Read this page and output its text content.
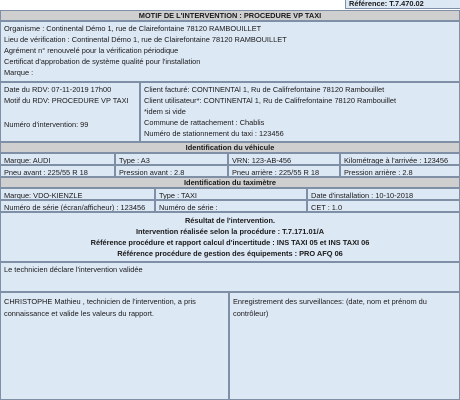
Référence: T.7.470.02
MOTIF DE L'INTERVENTION : PROCEDURE VP TAXI
Organisme : Continental Démo 1, rue de Clairefontaine 78120 RAMBOUILLET
Lieu de vérification : Continental Démo 1, rue de Clairefontaine 78120 RAMBOUILLET
Agrément n° renouvelé pour la vérification périodique
Certificat d'approbation de système qualité pour l'installation
Marque :
Date du RDV: 07-11-2019 17h00
Motif du RDV: PROCEDURE VP TAXI
Numéro d'intervention: 99
Client facturé: CONTINENTAl 1, Ru de Califrefontaine 78120 Rambouillet
Client utilisateur*: CONTINENTAl 1, Ru de Califrefontaine 78120 Rambouillet
*idem si vide
Commune de rattachement : Chablis
Numéro de stationnement du taxi : 123456
Identification du véhicule
Marque: AUDI	Type : A3	VRN: 123-AB-456	Kilométrage à l'arrivée : 123456
Pneu avant : 225/55 R 18	Pression avant : 2.8	Pneu arrière : 225/55 R 18	Pression arrière : 2.8
Identification du taximètre
Marque: VDO-KIENZLE	Type : TAXI	Date d'installation : 10-10-2018
Numéro de série (écran/afficheur) : 123456	Numéro de série :	CET : 1.0
Résultat de l'intervention.
Intervention réalisée selon la procédure : T.7.171.01/A
Référence procédure et rapport calcul d'incertitude : INS TAXI 05 et INS TAXI 06
Référence procédure de gestion des équipements : PRO AFQ 06
Le technicien déclare l'intervention validée
CHRISTOPHE Mathieu , technicien de l'intervention, a pris connaissance et valide les valeurs du rapport.
Enregistrement des surveillances: (date, nom et prénom du contrôleur)
